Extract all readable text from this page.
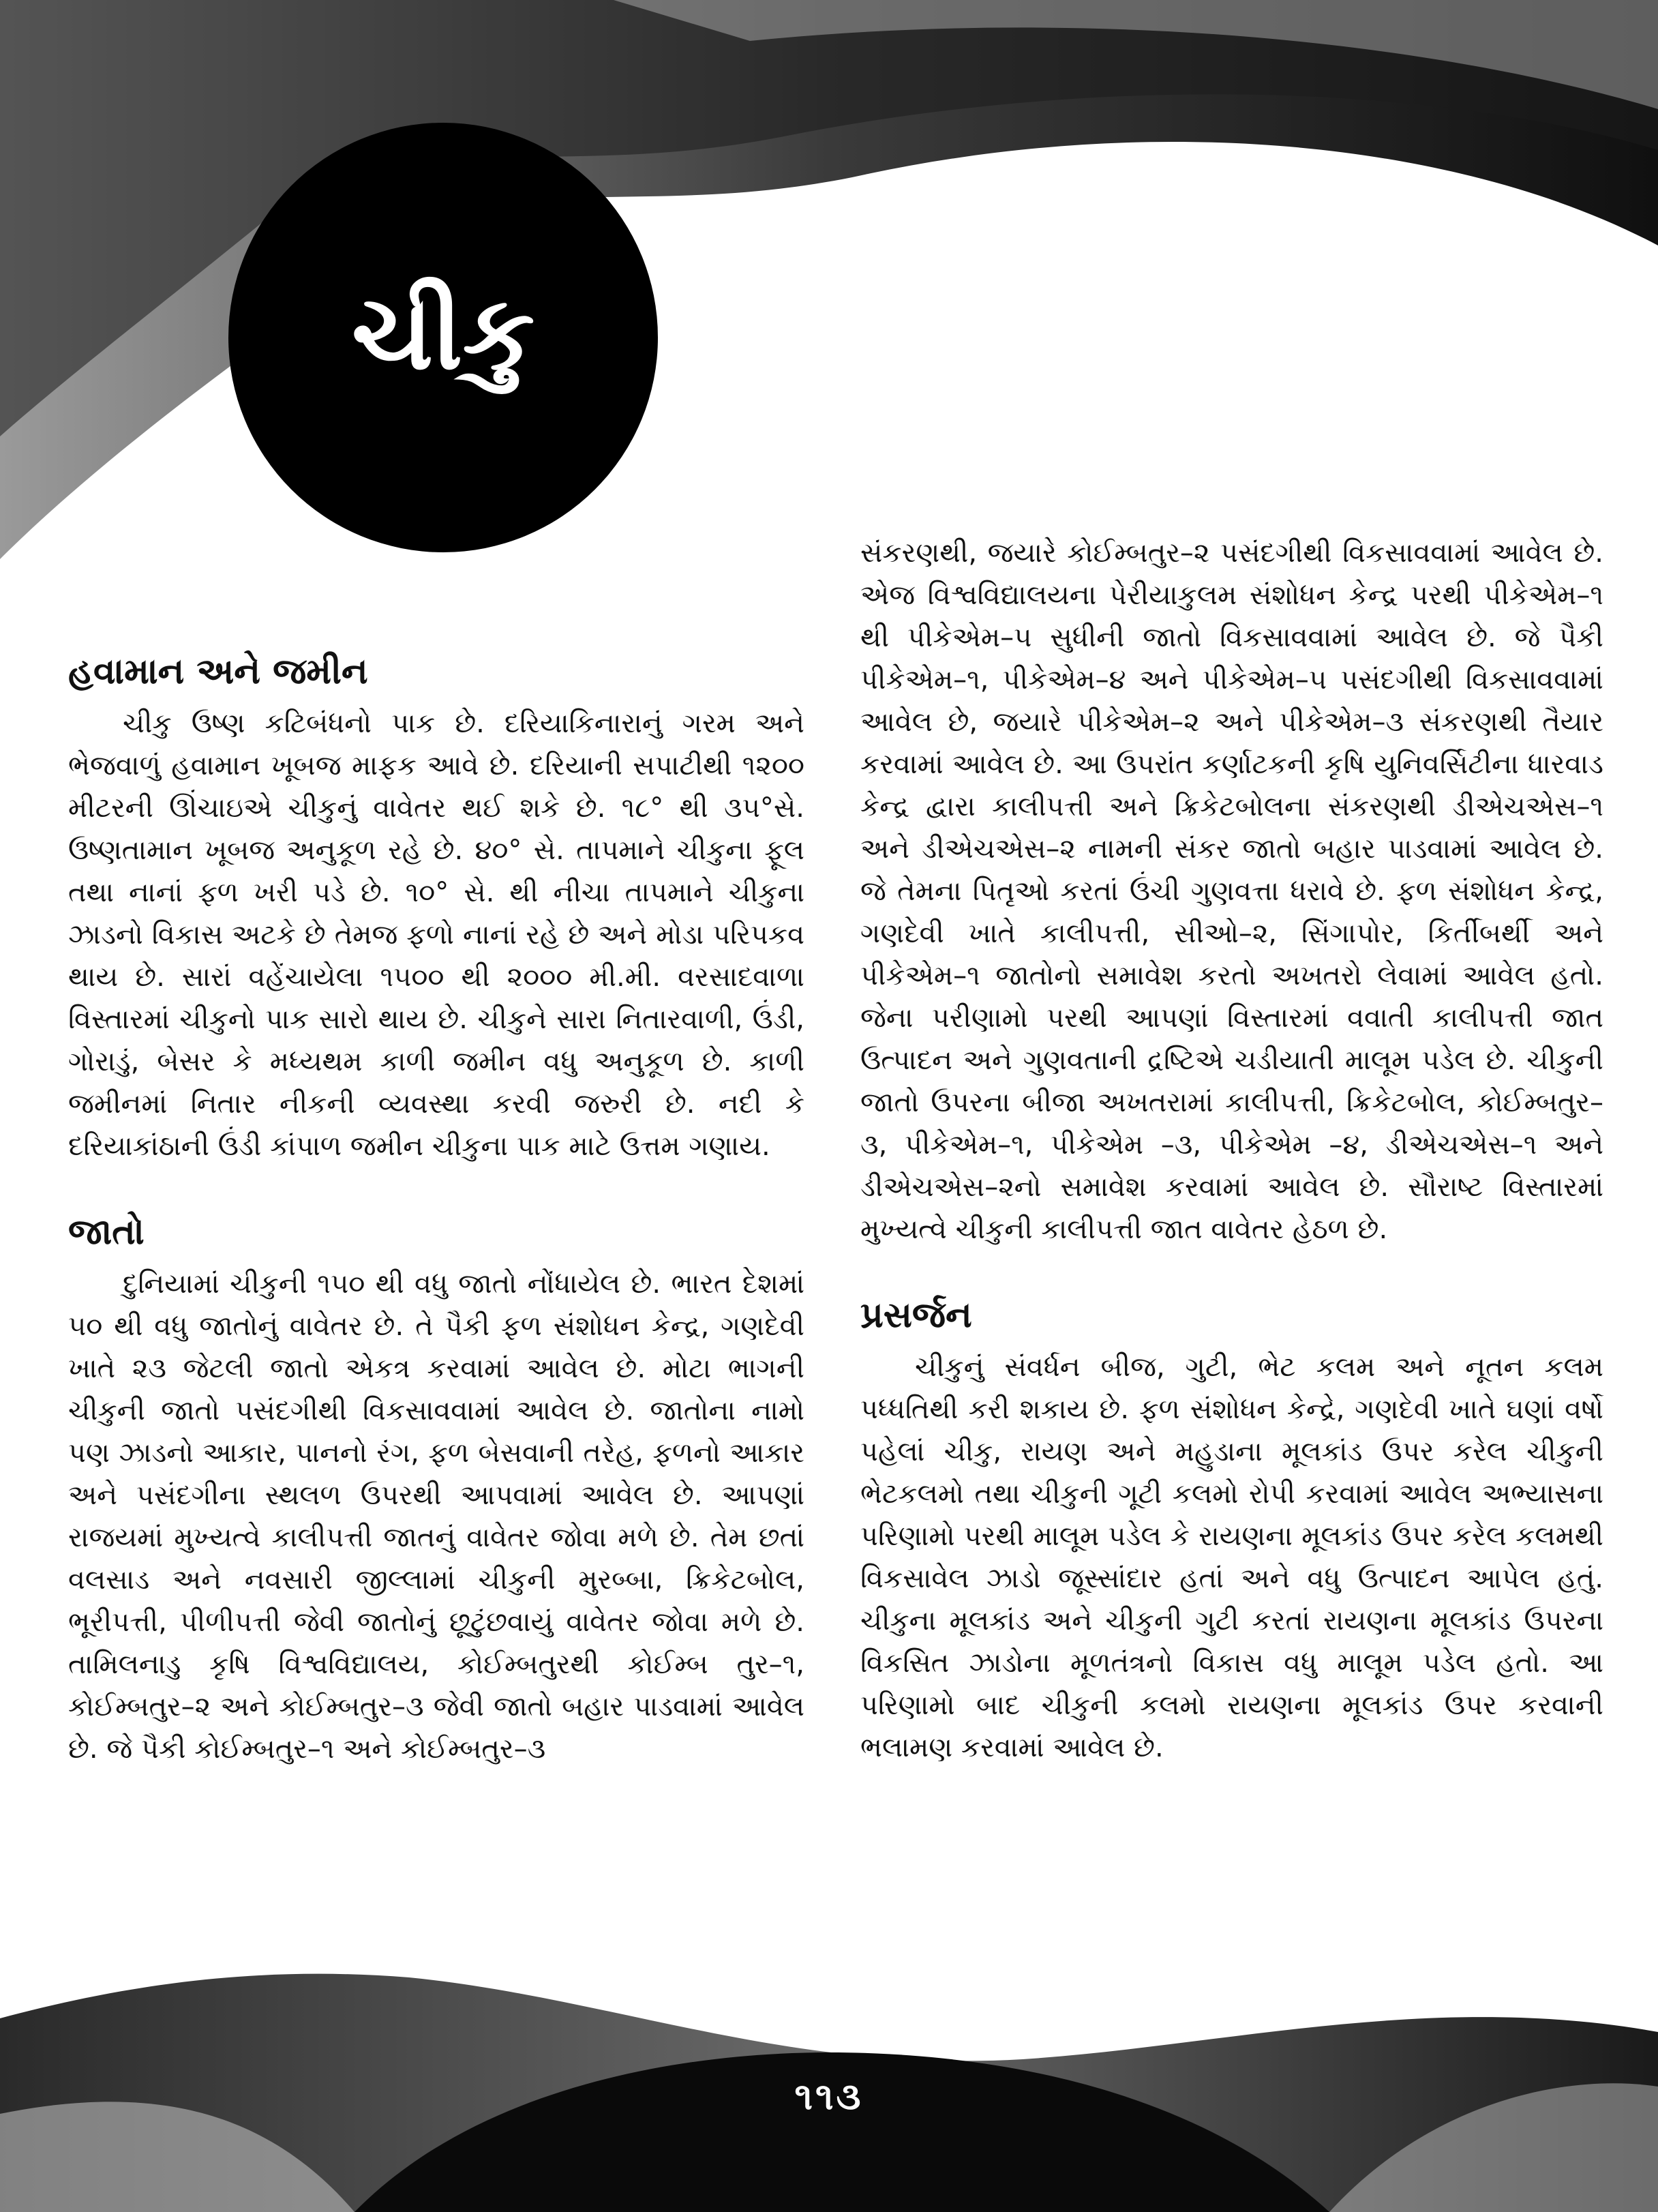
ચીકુ
હવામાન અને જમીન

ચીકુ ઉષ્ણ કટિબંધનો પાક છે. દરિયાકિનારાનું ગરમ અને ભેજવાળું હવામાન ખૂબજ માફક આવે છે. દરિયાની સપાટીથી ૧૨૦૦ મીટરની ઊંચાઇએ ચીકુનું વાવેતર થઈ શકે છે. ૧૮° થી ૩૫°સે. ઉષ્ણતામાન ખૂબજ અનુકૂળ રહે છે. ૪૦° સે. તાપમાને ચીકુના ફૂલ તથા નાનાં ફળ ખરી પડે છે. ૧૦° સે. થી નીચા તાપમાને ચીકુના ઝાડનો વિકાસ અટકે છે તેમજ ફળો નાનાં રહે છે અને મોડા પરિપકવ થાય છે. સારાં વહેંચાયેલા ૧૫૦૦ થી ૨૦૦૦ મી.મી. વરસાદવાળા વિસ્તારમાં ચીકુનો પાક સારો થાય છે. ચીકુને સારા નિતારવાળી, ઉંડી, ગોરાડું, બેસર કે મધ્યથમ કાળી જમીન વધુ અનુકૂળ છે. કાળી જમીનમાં નિતાર નીકની વ્યવસ્થા કરવી જરુરી છે. નદી કે દરિયાકાંઠાની ઉંડી કાંપાળ જમીન ચીકુના પાક માટે ઉત્તમ ગણાય.

જાતો

દુનિયામાં ચીકુની ૧૫૦ થી વધુ જાતો નોંધાયેલ છે. ભારત દેશમાં ૫૦ થી વધુ જાતોનું વાવેતર છે. તે પૈકી ફળ સંશોધન કેન્દ્ર, ગણદેવી ખાતે ૨૩ જેટલી જાતો એકત્ર કરવામાં આવેલ છે. મોટા ભાગની ચીકુની જાતો પસંદગીથી વિકસાવવામાં આવેલ છે. જાતોના નામો પણ ઝાડનો આકાર, પાનનો રંગ, ફળ બેસવાની તરેહ, ફળનો આકાર અને પસંદગીના સ્થલળ ઉપરથી આપવામાં આવેલ છે. આપણાં રાજયમાં મુખ્યત્વે કાલીપત્તી જાતનું વાવેતર જોવા મળે છે. તેમ છતાં વલસાડ અને નવસારી જીલ્લામાં ચીકુની મુરબ્બા, ક્રિકેટબોલ, ભૂરીપત્તી, પીળીપત્તી જેવી જાતોનું છૂટુંછવાયું વાવેતર જોવા મળે છે. તામિલનાડુ કૃષિ વિશ્વવિદ્યાલય, કોઈમ્બતુરથી કોઈમ્બ તુર–૧, કોઈમ્બતુર–૨ અને કોઈમ્બતુર–૩ જેવી જાતો બહાર પાડવામાં આવેલ છે. જે પૈકી કોઈમ્બતુર–૧ અને કોઈમ્બતુર–૩

સંકરણથી, જયારે કોઈમ્બતુર–૨ પસંદગીથી વિકસાવવામાં આવેલ છે. એજ વિશ્વવિદ્યાલયના પેરીયાકુલમ સંશોધન કેન્દ્ર પરથી પીકેએમ–૧ થી પીકેએમ–૫ સુધીની જાતો વિકસાવવામાં આવેલ છે. જે પૈકી પીકેએમ–૧, પીકેએમ–૪ અને પીકેએમ–૫ પસંદગીથી વિકસાવવામાં આવેલ છે, જયારે પીકેએમ–૨ અને પીકેએમ–૩ સંકરણથી તૈયાર કરવામાં આવેલ છે. આ ઉપરાંત કર્ણાટકની કૃષિ યુનિવર્સિટીના ધારવાડ કેન્દ્ર દ્વારા કાલીપત્તી અને ક્રિકેટબોલના સંકરણથી ડીએચએસ–૧ અને ડીએચએસ–૨ નામની સંકર જાતો બહાર પાડવામાં આવેલ છે. જે તેમના પિતૃઓ કરતાં ઉંચી ગુણવત્તા ધરાવે છે. ફળ સંશોધન કેન્દ્ર, ગણદેવી ખાતે કાલીપત્તી, સીઓ–૨, સિંગાપોર, કિર્તીબર્થી અને પીકેએમ–૧ જાતોનો સમાવેશ કરતો અખતરો લેવામાં આવેલ હતો. જેના પરીણામો પરથી આપણાં વિસ્તારમાં વવાતી કાલીપત્તી જાત ઉત્પાદન અને ગુણવતાની દ્રષ્ટિએ ચડીયાતી માલૂમ પડેલ છે. ચીકુની જાતો ઉપરના બીજા અખતરામાં કાલીપત્તી, ક્રિકેટબોલ, કોઈમ્બતુર–૩, પીકેએમ–૧, પીકેએમ –૩, પીકેએમ –૪, ડીએચએસ–૧ અને ડીએચએસ–૨નો સમાવેશ કરવામાં આવેલ છે. સૌરાષ્ટ વિસ્તારમાં મુખ્યત્વે ચીકુની કાલીપત્તી જાત વાવેતર હેઠળ છે.

પ્રસર્જન

ચીકુનું સંવર્ધન બીજ, ગુટી, ભેટ કલમ અને નૂતન કલમ પધ્ધતિથી કરી શકાય છે. ફળ સંશોધન કેન્દ્રે, ગણદેવી ખાતે ઘણાં વર્ષો પહેલાં ચીકુ, રાયણ અને મહુડાના મૂલકાંડ ઉપર કરેલ ચીકુની ભેટકલમો તથા ચીકુની ગૂટી કલમો રોપી કરવામાં આવેલ અભ્યાસના પરિણામો પરથી માલૂમ પડેલ કે રાયણના મૂલકાંડ ઉપર કરેલ કલમથી વિકસાવેલ ઝાડો જૂસ્સાંદાર હતાં અને વધુ ઉત્પાદન આપેલ હતું. ચીકુના મૂલકાંડ અને ચીકુની ગુટી કરતાં રાયણના મૂલકાંડ ઉપરના વિકસિત ઝાડોના મૂળતંત્રનો વિકાસ વધુ માલૂમ પડેલ હતો. આ પરિણામો બાદ ચીકુની કલમો રાયણના મૂલકાંડ ઉપર કરવાની ભલામણ કરવામાં આવેલ છે.

૧૧૩
